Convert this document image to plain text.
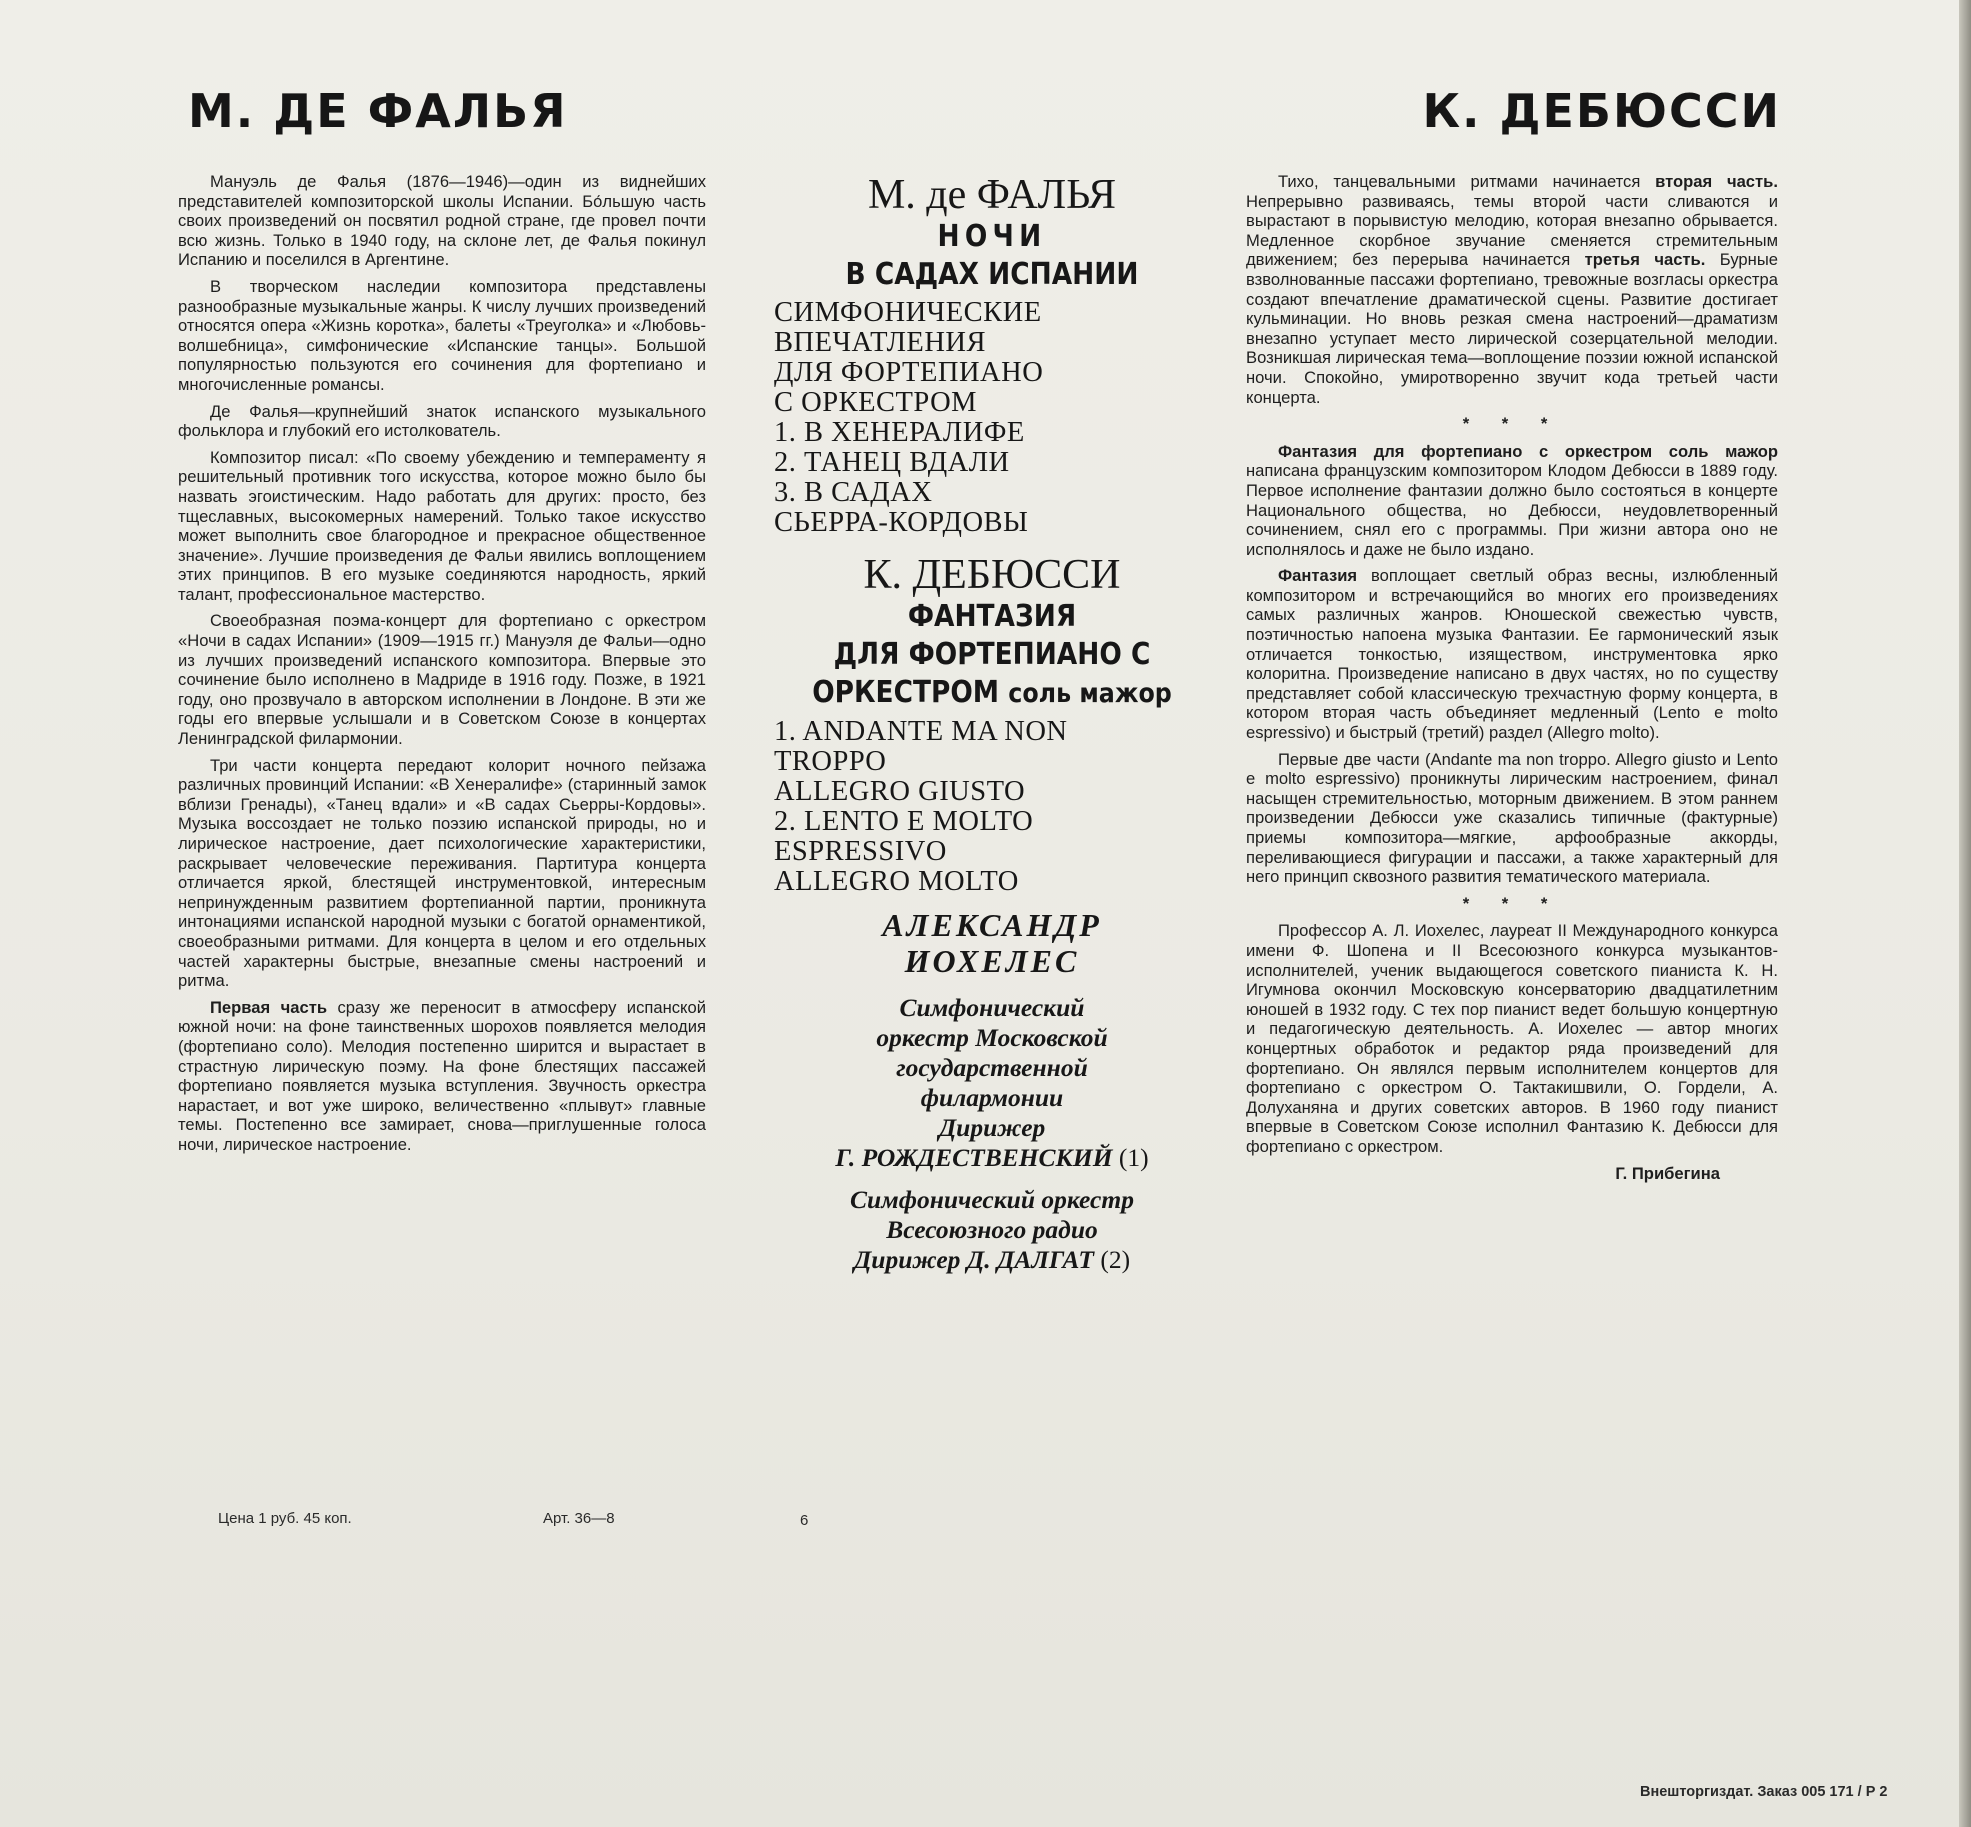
М. ДЕ ФАЛЬЯ	К. ДЕБЮССИ

Мануэль де Фалья (1876—1946)—один из виднейших представителей композиторской школы Испании. Бо́льшую часть своих произведений он посвятил родной стране, где провел почти всю жизнь. Только в 1940 году, на склоне лет, де Фалья покинул Испанию и поселился в Аргентине.

В творческом наследии композитора представлены разнообразные музыкальные жанры. К числу лучших произведений относятся опера «Жизнь коротка», балеты «Треуголка» и «Любовь-волшебница», симфонические «Испанские танцы». Большой популярностью пользуются его сочинения для фортепиано и многочисленные романсы.

Де Фалья—крупнейший знаток испанского музыкального фольклора и глубокий его истолкователь.

Композитор писал: «По своему убеждению и темпераменту я решительный противник того искусства, которое можно было бы назвать эгоистическим. Надо работать для других: просто, без тщеславных, высокомерных намерений. Только такое искусство может выполнить свое благородное и прекрасное общественное значение». Лучшие произведения де Фальи явились воплощением этих принципов. В его музыке соединяются народность, яркий талант, профессиональное мастерство.

Своеобразная поэма-концерт для фортепиано с оркестром «Ночи в садах Испании» (1909—1915 гг.) Мануэля де Фальи—одно из лучших произведений испанского композитора. Впервые это сочинение было исполнено в Мадриде в 1916 году. Позже, в 1921 году, оно прозвучало в авторском исполнении в Лондоне. В эти же годы его впервые услышали и в Советском Союзе в концертах Ленинградской филармонии.

Три части концерта передают колорит ночного пейзажа различных провинций Испании: «В Хенералифе» (старинный замок вблизи Гренады), «Танец вдали» и «В садах Сьерры-Кордовы». Музыка воссоздает не только поэзию испанской природы, но и лирическое настроение, дает психологические характеристики, раскрывает человеческие переживания. Партитура концерта отличается яркой, блестящей инструментовкой, интересным непринужденным развитием фортепианной партии, проникнута интонациями испанской народной музыки с богатой орнаментикой, своеобразными ритмами. Для концерта в целом и его отдельных частей характерны быстрые, внезапные смены настроений и ритма.

Первая часть сразу же переносит в атмосферу испанской южной ночи: на фоне таинственных шорохов появляется мелодия (фортепиано соло). Мелодия постепенно ширится и вырастает в страстную лирическую поэму. На фоне блестящих пассажей фортепиано появляется музыка вступления. Звучность оркестра нарастает, и вот уже широко, величественно «плывут» главные темы. Постепенно все замирает, снова—приглушенные голоса ночи, лирическое настроение.

М. де ФАЛЬЯ

НОЧИ

В САДАХ ИСПАНИИ

СИМФОНИЧЕСКИЕ
ВПЕЧАТЛЕНИЯ
ДЛЯ ФОРТЕПИАНО
С ОРКЕСТРОМ
1. В ХЕНЕРАЛИФЕ
2. ТАНЕЦ ВДАЛИ
3. В САДАХ
СЬЕРРА-КОРДОВЫ

К. ДЕБЮССИ

ФАНТАЗИЯ

ДЛЯ ФОРТЕПИАНО С

ОРКЕСТРОМ соль мажор

1. ANDANTE MA NON
TROPPO
ALLEGRO GIUSTO
2. LENTO E MOLTO
ESPRESSIVO
ALLEGRO MOLTO
АЛЕКСАНДР
ИОХЕЛЕС
Симфонический
оркестр Московской
государственной
филармонии
Дирижер
Г. РОЖДЕСТВЕНСКИЙ (1)
Симфонический оркестр
Всесоюзного радио
Дирижер Д. ДАЛГАТ (2)

Тихо, танцевальными ритмами начинается вторая часть. Непрерывно развиваясь, темы второй части сливаются и вырастают в порывистую мелодию, которая внезапно обрывается. Медленное скорбное звучание сменяется стремительным движением; без перерыва начинается третья часть. Бурные взволнованные пассажи фортепиано, тревожные возгласы оркестра создают впечатление драматической сцены. Развитие достигает кульминации. Но вновь резкая смена настроений—драматизм внезапно уступает место лирической созерцательной мелодии. Возникшая лирическая тема—воплощение поэзии южной испанской ночи. Спокойно, умиротворенно звучит кода третьей части концерта.

* * *

Фантазия для фортепиано с оркестром соль мажор написана французским композитором Клодом Дебюсси в 1889 году. Первое исполнение фантазии должно было состояться в концерте Национального общества, но Дебюсси, неудовлетворенный сочинением, снял его с программы. При жизни автора оно не исполнялось и даже не было издано.

Фантазия воплощает светлый образ весны, излюбленный композитором и встречающийся во многих его произведениях самых различных жанров. Юношеской свежестью чувств, поэтичностью напоена музыка Фантазии. Ее гармонический язык отличается тонкостью, изяществом, инструментовка ярко колоритна. Произведение написано в двух частях, но по существу представляет собой классическую трехчастную форму концерта, в котором вторая часть объединяет медленный (Lento e molto espressivo) и быстрый (третий) раздел (Allegro molto).

Первые две части (Andante ma non troppo. Allegro giusto и Lento e molto espressivo) проникнуты лирическим настроением, финал насыщен стремительностью, моторным движением. В этом раннем произведении Дебюсси уже сказались типичные (фактурные) приемы композитора—мягкие, арфообразные аккорды, переливающиеся фигурации и пассажи, а также характерный для него принцип сквозного развития тематического материала.

* * *

Профессор А. Л. Иохелес, лауреат II Международного конкурса имени Ф. Шопена и II Всесоюзного конкурса музыкантов-исполнителей, ученик выдающегося советского пианиста К. Н. Игумнова окончил Московскую консерваторию двадцатилетним юношей в 1932 году. С тех пор пианист ведет большую концертную и педагогическую деятельность. А. Иохелес — автор многих концертных обработок и редактор ряда произведений для фортепиано. Он являлся первым исполнителем концертов для фортепиано с оркестром О. Тактакишвили, О. Гордели, А. Долуханяна и других советских авторов. В 1960 году пианист впервые в Советском Союзе исполнил Фантазию К. Дебюсси для фортепиано с оркестром.

Г. Прибегина
Цена 1 руб. 45 коп.	Арт. 36—8	6
Внешторгиздат. Заказ 005 171 / Р 2
